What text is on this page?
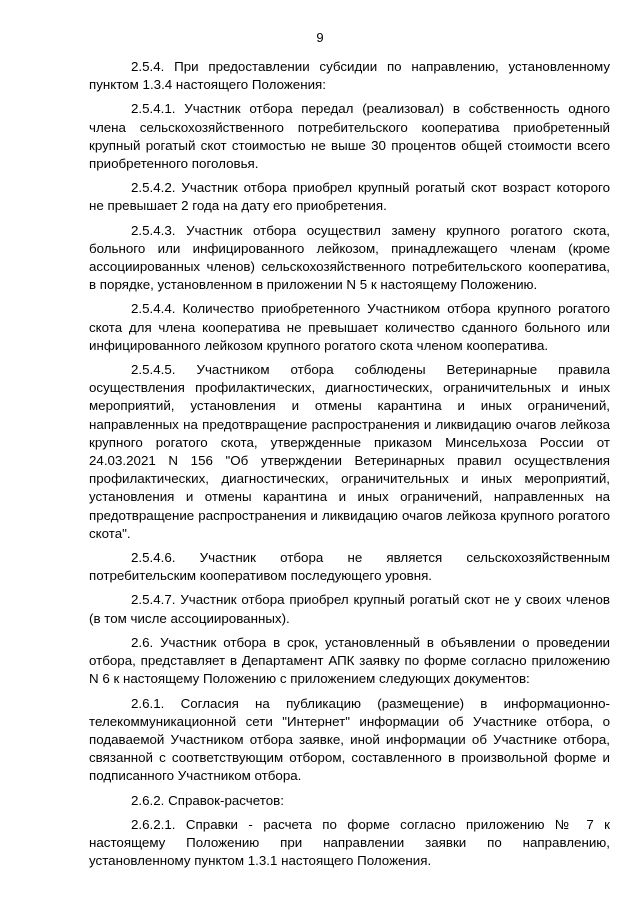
9

2.5.4. При предоставлении субсидии по направлению, установленному пунктом 1.3.4 настоящего Положения:

2.5.4.1. Участник отбора передал (реализовал) в собственность одного члена сельскохозяйственного потребительского кооператива приобретенный крупный рогатый скот стоимостью не выше 30 процентов общей стоимости всего приобретенного поголовья.

2.5.4.2. Участник отбора приобрел крупный рогатый скот возраст которого не превышает 2 года на дату его приобретения.

2.5.4.3. Участник отбора осуществил замену крупного рогатого скота, больного или инфицированного лейкозом, принадлежащего членам (кроме ассоциированных членов) сельскохозяйственного потребительского кооператива, в порядке, установленном в приложении N 5 к настоящему Положению.

2.5.4.4. Количество приобретенного Участником отбора крупного рогатого скота для члена кооператива не превышает количество сданного больного или инфицированного лейкозом крупного рогатого скота членом кооператива.

2.5.4.5. Участником отбора соблюдены Ветеринарные правила осуществления профилактических, диагностических, ограничительных и иных мероприятий, установления и отмены карантина и иных ограничений, направленных на предотвращение распространения и ликвидацию очагов лейкоза крупного рогатого скота, утвержденные приказом Минсельхоза России от 24.03.2021 N 156 "Об утверждении Ветеринарных правил осуществления профилактических, диагностических, ограничительных и иных мероприятий, установления и отмены карантина и иных ограничений, направленных на предотвращение распространения и ликвидацию очагов лейкоза крупного рогатого скота".

2.5.4.6. Участник отбора не является сельскохозяйственным потребительским кооперативом последующего уровня.

2.5.4.7. Участник отбора приобрел крупный рогатый скот не у своих членов (в том числе ассоциированных).

2.6. Участник отбора в срок, установленный в объявлении о проведении отбора, представляет в Департамент АПК заявку по форме согласно приложению N 6 к настоящему Положению с приложением следующих документов:

2.6.1. Согласия на публикацию (размещение) в информационно-телекоммуникационной сети "Интернет" информации об Участнике отбора, о подаваемой Участником отбора заявке, иной информации об Участнике отбора, связанной с соответствующим отбором, составленного в произвольной форме и подписанного Участником отбора.

2.6.2. Справок-расчетов:

2.6.2.1. Справки - расчета по форме согласно приложению № 7 к настоящему Положению при направлении заявки по направлению, установленному пунктом 1.3.1 настоящего Положения.
